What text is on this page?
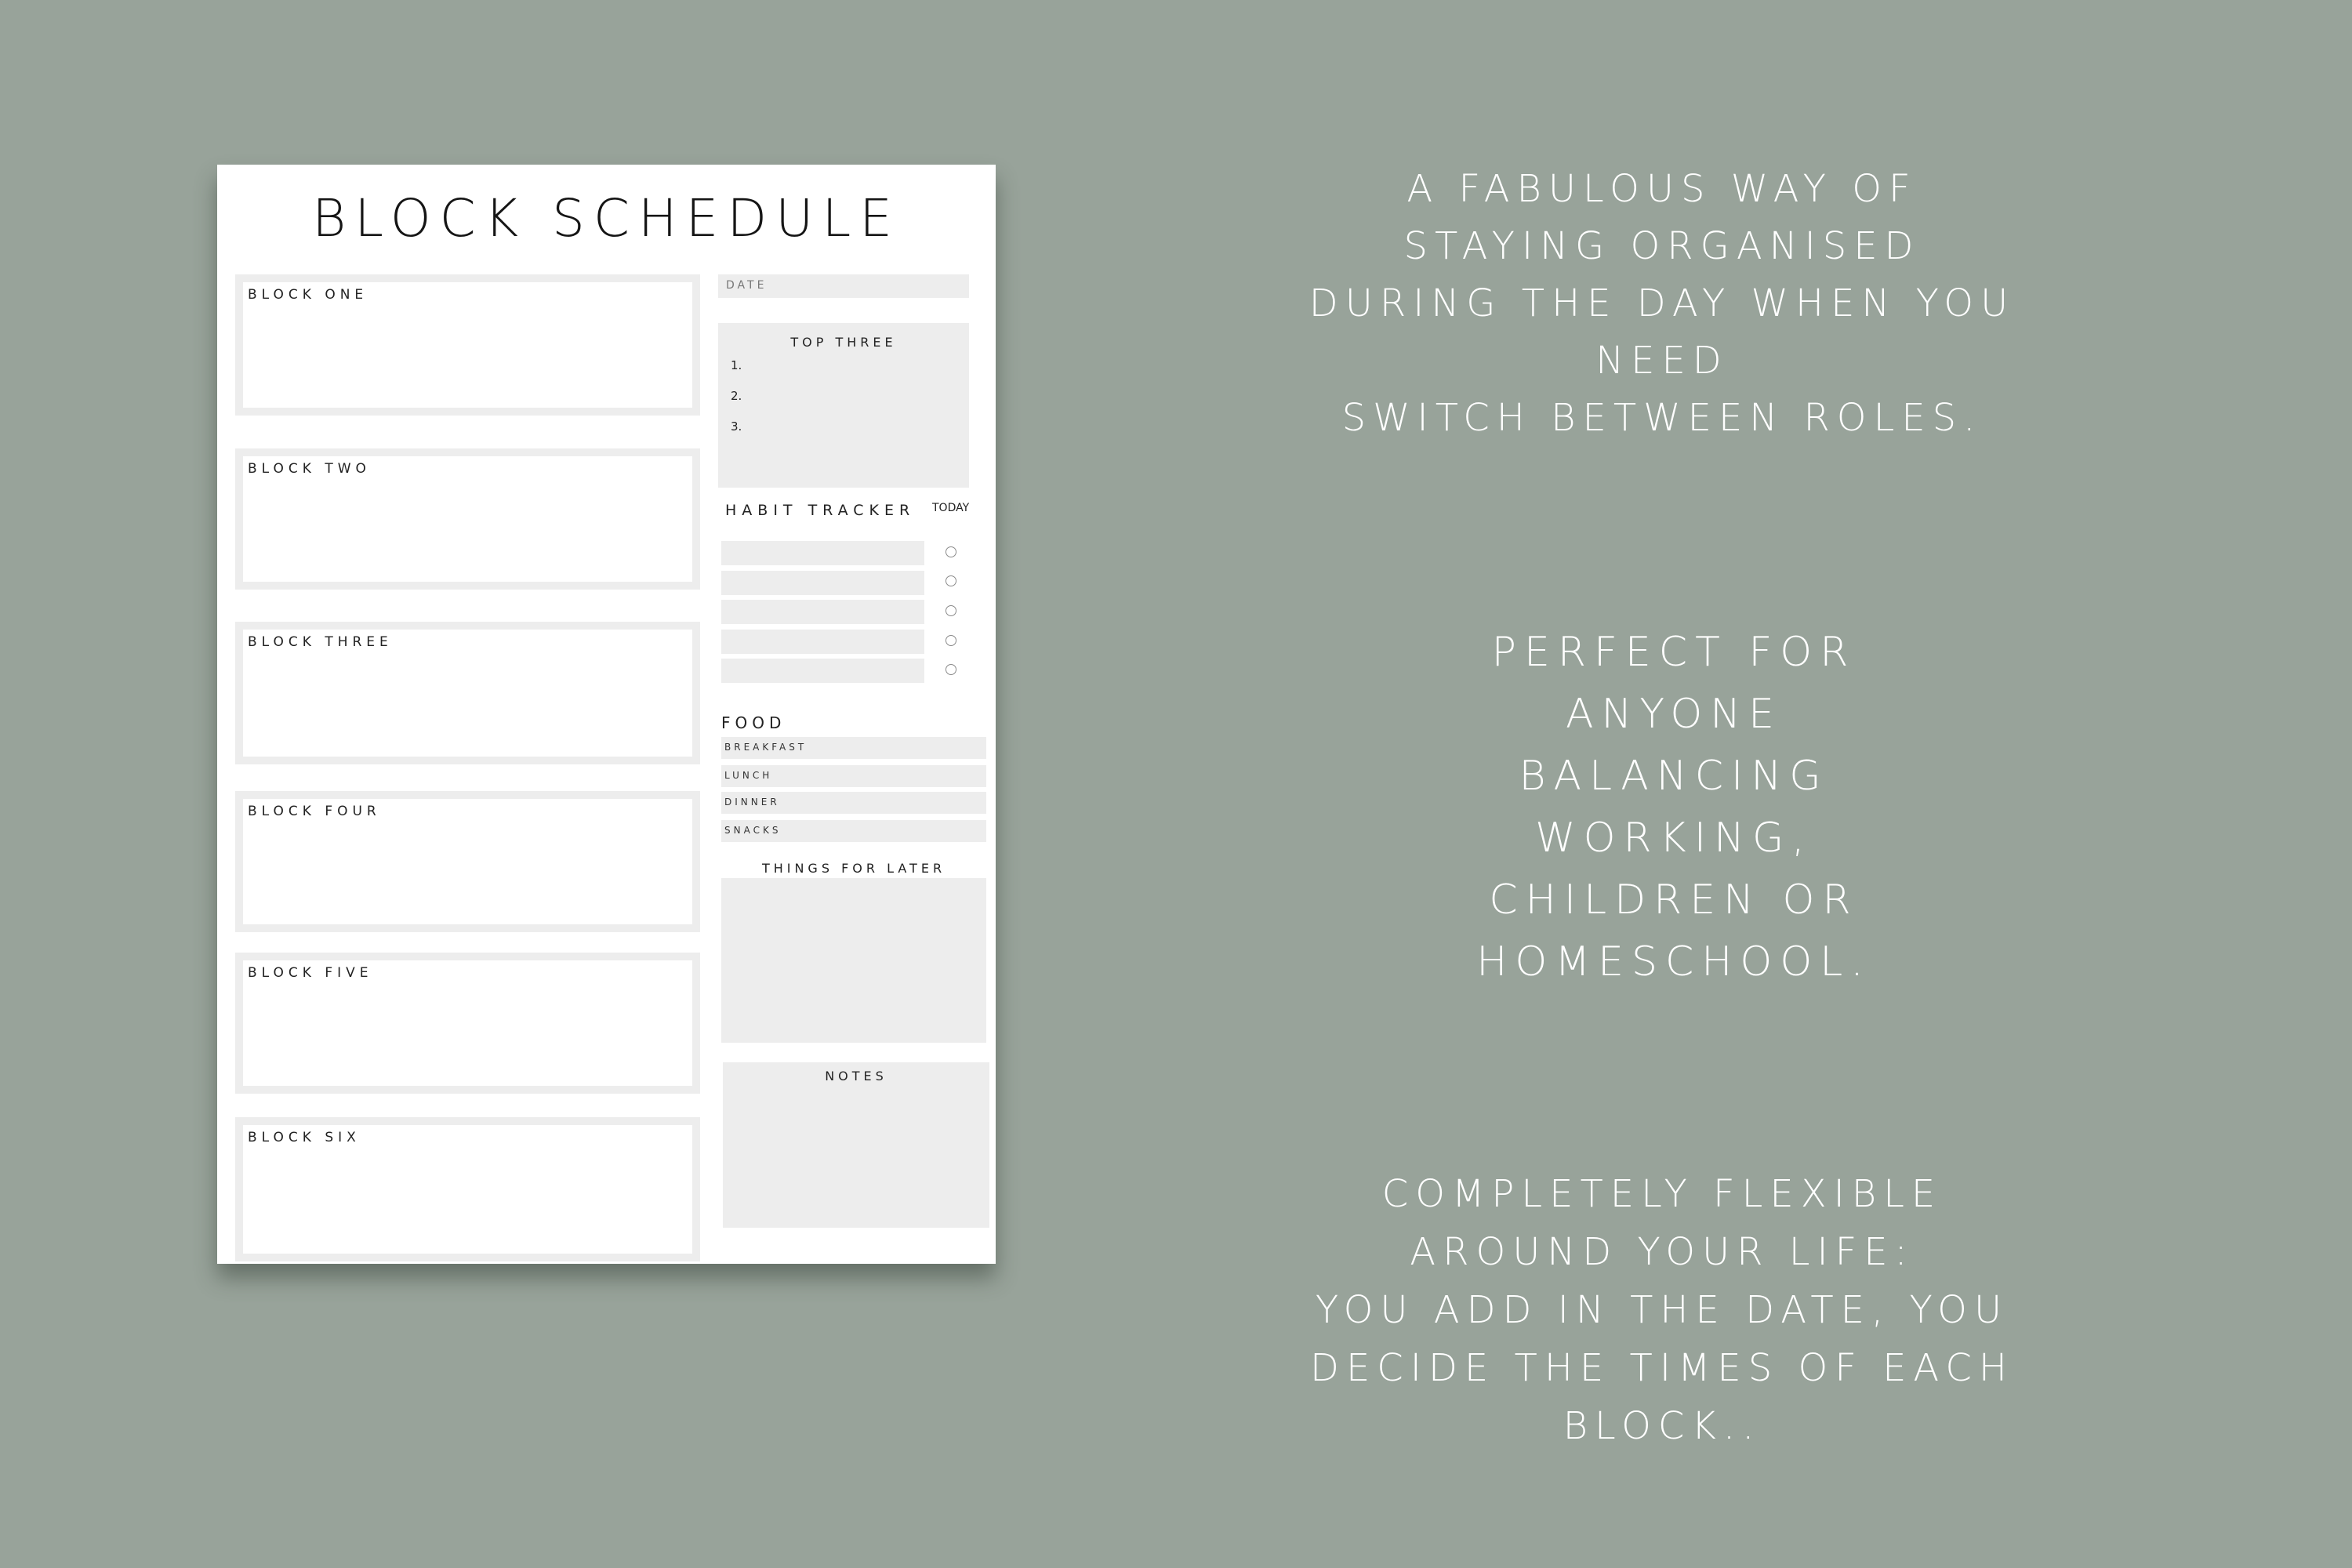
BLOCK SCHEDULE
BLOCK ONE
BLOCK TWO
BLOCK THREE
BLOCK FOUR
BLOCK FIVE
BLOCK SIX
DATE
TOP THREE
1.
2.
3.
HABIT TRACKER TODAY
FOOD
BREAKFAST
LUNCH
DINNER
SNACKS
THINGS FOR LATER
NOTES
A FABULOUS WAY OF
STAYING ORGANISED
DURING THE DAY WHEN YOU
NEED
SWITCH BETWEEN ROLES.
PERFECT FOR
ANYONE
BALANCING
WORKING,
CHILDREN OR
HOMESCHOOL.
COMPLETELY FLEXIBLE
AROUND YOUR LIFE:
YOU ADD IN THE DATE, YOU
DECIDE THE TIMES OF EACH
BLOCK..
